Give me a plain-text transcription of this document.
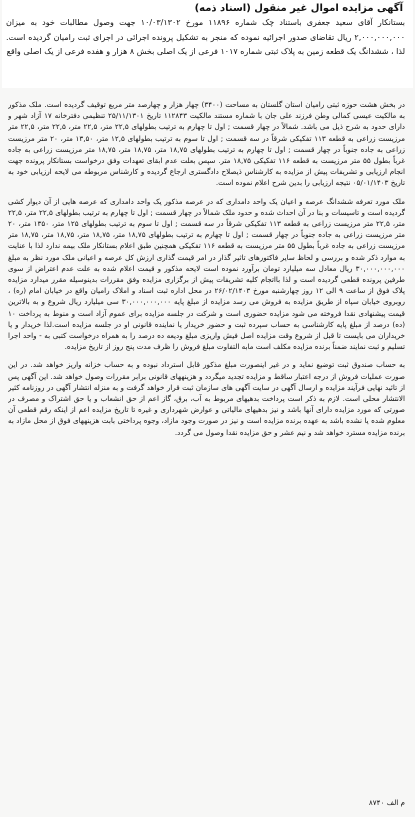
آگهی مزایده اموال غیر منقول (اسناد ذمه)

بستانکار آقای سعید جعفری باستناد چک شماره ۱۱۸۹۶ مورخ ۱۰/۰۳/۱۳۰۲ جهت وصول مطالبات خود به میزان ۲,۰۰۰,۰۰۰,۰۰۰ ریال تقاضای صدور اجرائیه نموده که منجر به تشکیل پرونده اجرائی در اجرای ثبت رامیان گردیده است. لذا ، ششدانگ یک قطعه زمین به پلاک ثبتی شماره ۱۰۱۷ فرعی از یک اصلی بخش ۸ هزار و هفده فرعی از یک اصلی واقع

در بخش هشت حوزه ثبتی رامیان استان گلستان به مساحت (۳۴۰۰) چهار هزار و چهارصد متر مربع توقیف گردیده است. ملک مذکور به مالکیت عیسی کمالی وطن فرزند علی جان با شماره مستند مالکیت ۱۱۲۸۴۳ تاریخ ۲۵/۱۱/۱۳۰۱ تنظیمی دفترخانه ۱۷ آزاد شهر و دارای حدود به شرح ذیل می باشد. شمالاً در چهار قسمت ; اول تا چهارم به ترتیب بطولهای ۲۲,۵ متر، ۲۲,۵ متر، ۲۲,۵ متر، ۲۲,۵ متر مرزیست زراعی به قطعه ۱۱۳ تفکیکی شرقاً در سه قسمت ; اول تا سوم به ترتیب بطولهای ۱۲,۵ متر، ۱۳,۵۰ متر، ۲۰ متر مرزیست زراعی به جاده جنوباً در چهار قسمت ; اول تا چهارم به ترتیب بطولهای ۱۸,۷۵ متر، ۱۸,۷۵ متر، ۱۸,۷۵ متر مرزیست زراعی به جاده غرباً بطول ۵۵ متر مرزیست به قطعه ۱۱۶ تفکیکی ۱۸,۷۵ متر. سپس بعلت عدم ابقای تعهدات وفق درخواست بستانکار پرونده جهت انجام ارزیابی و تشریفات پیش از مزایده به کارشناس ذیصلاح دادگستری ارجاع گردیده و کارشناس مربوطه می لایحه ارزیابی خود به تاریخ ۰۵/۰۱/۱۴۰۳ نتیجه ارزیابی را بدین شرح اعلام نموده است.

ملک مورد تعرفه ششدانگ عرصه و اعیان یک واحد دامداری که در عرصه مذکور یک واحد دامداری که عرصه هایی از آن دیوار کشی گردیده است و تاسیسات و بنا در آن احداث شده و حدود ملک شمالاً در چهار قسمت ; اول تا چهارم به ترتیب بطولهای ۲۲,۵ متر، ۲۲,۵ متر، ۲۲,۵ متر مرزیست زراعی به قطعه ۱۱۳ تفکیکی شرقاً در سه قسمت ; اول تا سوم به ترتیب بطولهای ۱۲۵ متر، ۱۳۵۰ متر، ۲۰ متر مرزیست زراعی به جاده جنوباً در چهار قسمت ; اول تا چهارم به ترتیب بطولهای ۱۸,۷۵ متر، ۱۸,۷۵ متر، ۱۸,۷۵ متر، ۱۸,۷۵ متر مرزیست زراعی به جاده غرباً بطول ۵۵ متر مرزیست به قطعه ۱۱۶ تفکیکی همچنین طبق اعلام بستانکار ملک بیمه ندارد لذا با عنایت به موارد ذکر شده و بررسی و لحاظ سایر فاکتورهای تاثیر گذار در امر قیمت گذاری ارزش کل عرصه و اعیانی ملک مورد نظر به مبلغ ۳۰,۰۰۰,۰۰۰,۰۰۰ ریال معادل سه میلیارد تومان برآورد نموده است لایحه مذکور و قیمت اعلام شده به علت عدم اعتراض از سوی طرفین پرونده قطعی گردیده است و لذا بااتجام کلیه تشریفات پیش از برگزاری مزایده وفق مقررات بدینوسیله مقرر میدارد مزایده پلاک فوق از ساعت ۹ الی ۱۲ روز چهارشنبه مورخ ۲۶/۰۲/۱۴۰۳ در محل اداره ثبت اسناد و املاک رامیان واقع در خیابان امام (ره) ، روبروی خیابان سپاه از طریق مزایده به فروش می رسد مزایده از مبلغ پایه ۳۰,۰۰۰,۰۰۰,۰۰۰ سی میلیارد ریال شروع و به بالاترین قیمت پیشنهادی نقدا فروخته می شود مزایده حضوری است و شرکت در جلسه مزایده برای عموم آزاد است و منوط به پرداخت ۱۰ (ده) درصد از مبلغ پایه کارشناسی به حساب سپرده ثبت و حضور خریدار یا نماینده قانونی او در جلسه مزایده است.لذا خریدار و یا خریداران می بایست تا قبل از شروع وقت مزایده اصل فیش واریزی مبلغ ودیعه ده درصد را به همراه درخواست کتبی به - واحد اجرا تسلیم و ثبت نمایند ضمناً برنده مزایده مکلف است مابه التفاوت مبلغ فروش را ظرف مدت پنج روز از تاریخ مزایده.

به حساب صندوق ثبت توضیع نماید و در غیر اینصورت مبلغ مذکور قابل استرداد نبوده و به حساب خزانه واریز خواهد شد. در این صورت عملیات فروش از درجه اعتبار ساقط و مزایده تجدید میگردد و هزینههای قانونی برابر مقررات وصول خواهد شد. این آگهی پس از تائید نهایی فرآیند مزایده و ارسال آگهی در سایت آگهی های سازمان ثبت قرار خواهد گرفت و به منزله انتشار آگهی در روزنامه کثیر الانتشار محلی است. لازم به ذکر است پرداخت بدهیهای مربوط به آب، برق، گاز اعم از حق انشعاب و یا حق اشتراک و مصرف در صورتی که مورد مزایده دارای آنها باشد و نیز بدهیهای مالیاتی و عوارض شهرداری و غیره تا تاریخ مزایده اعم از اینکه رقم قطعی آن معلوم شده یا نشده باشد به عهده برنده مزایده است و نیز در صورت وجود مازاد، وجوه پرداختی بابت هزینههای فوق از محل مازاد به برنده مزایده مسترد خواهد شد و نیم عشر و حق مزایده نقدا وصول می گردد.

م الف ۸۷۴۰
